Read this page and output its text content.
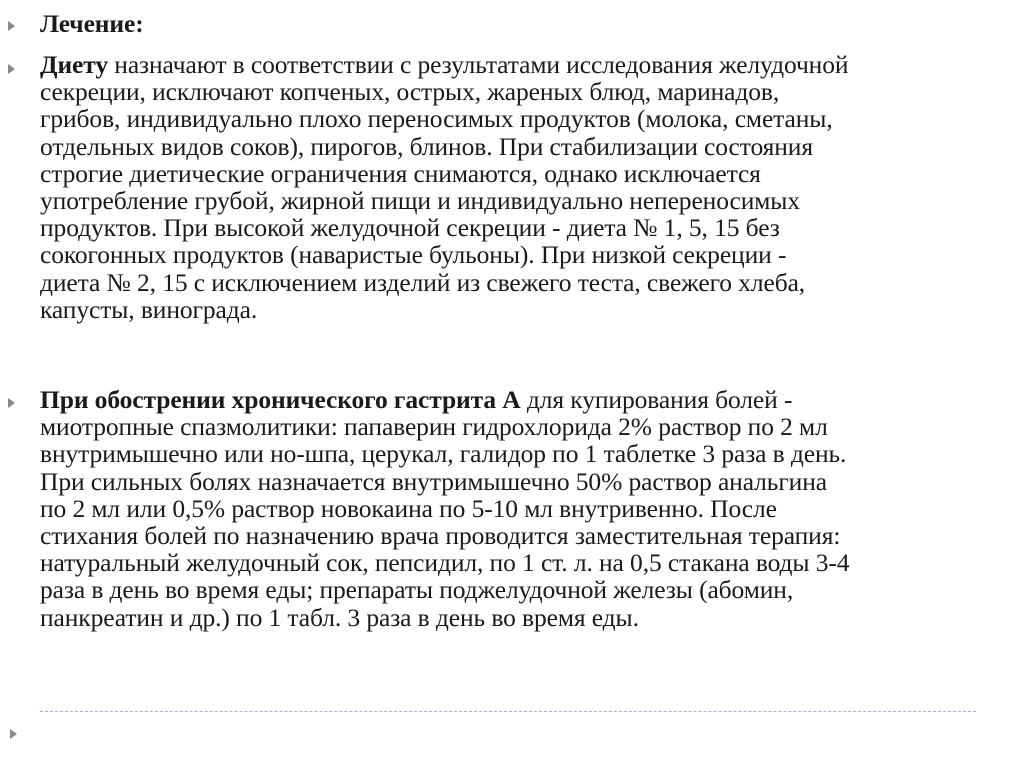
Лечение:
Диету назначают в соответствии с результатами исследования желудочной
секреции, исключают копченых, острых, жареных блюд, маринадов,
грибов, индивидуально плохо переносимых продуктов (молока, сметаны,
отдельных видов соков), пирогов, блинов. При стабилизации состояния
строгие диетические ограничения снимаются, однако исключается
употребление грубой, жирной пищи и индивидуально непереносимых
продуктов. При высокой желудочной секреции - диета № 1, 5, 15 без
сокогонных продуктов (наваристые бульоны). При низкой секреции -
диета № 2, 15 с исключением изделий из свежего теста, свежего хлеба,
капусты, винограда.
При обострении хронического гастрита А для купирования болей -
миотропные спазмолитики: папаверин гидрохлорида 2% раствор по 2 мл
внутримышечно или но-шпа, церукал, галидор по 1 таблетке 3 раза в день.
При сильных болях назначается внутримышечно 50% раствор анальгина
по 2 мл или 0,5% раствор новокаина по 5-10 мл внутривенно. После
стихания болей по назначению врача проводится заместительная терапия:
натуральный желудочный сок, пепсидил, по 1 ст. л. на 0,5 стакана воды 3-4
раза в день во время еды; препараты поджелудочной железы (абомин,
панкреатин и др.) по 1 табл. 3 раза в день во время еды.
